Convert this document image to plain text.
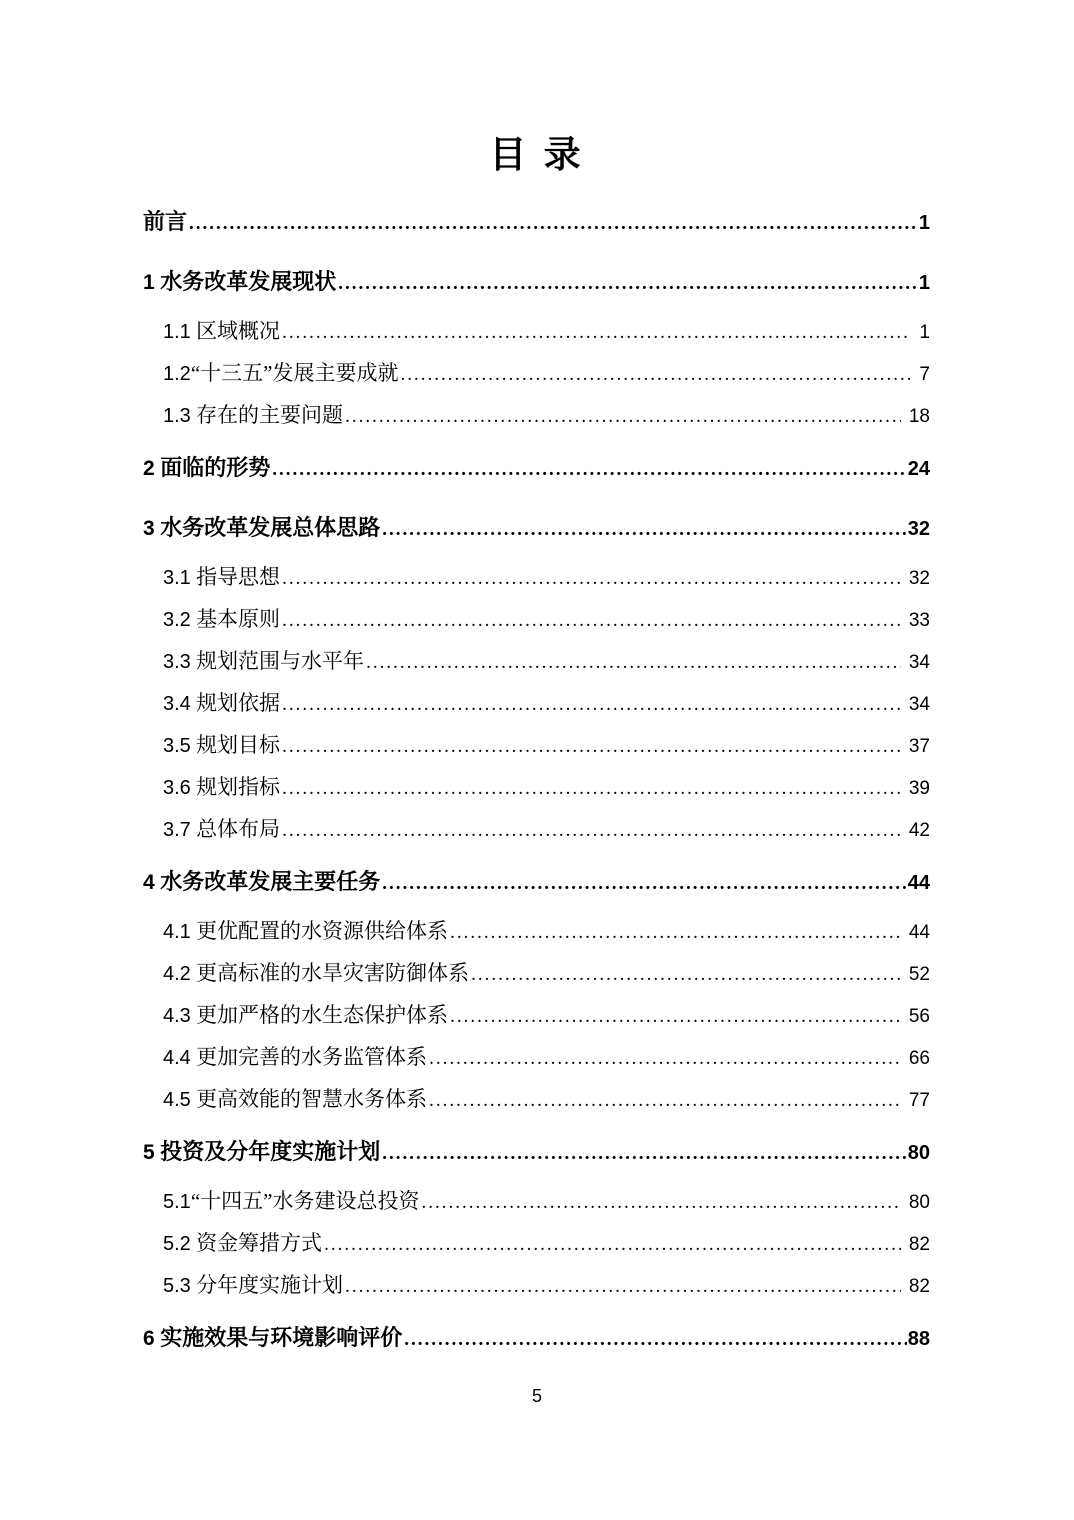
目 录
前言 .....	1
1 水务改革发展现状 .....	1
1.1 区域概况 .....	1
1.2“十三五”发展主要成就 .....	7
1.3 存在的主要问题 .....	18
2 面临的形势 .....	24
3 水务改革发展总体思路 .....	32
3.1 指导思想 .....	32
3.2 基本原则 .....	33
3.3 规划范围与水平年 .....	34
3.4 规划依据 .....	34
3.5 规划目标 .....	37
3.6 规划指标 .....	39
3.7 总体布局 .....	42
4 水务改革发展主要任务 .....	44
4.1 更优配置的水资源供给体系 .....	44
4.2 更高标准的水旱灾害防御体系 .....	52
4.3 更加严格的水生态保护体系 .....	56
4.4 更加完善的水务监管体系 .....	66
4.5 更高效能的智慧水务体系 .....	77
5 投资及分年度实施计划 .....	80
5.1“十四五”水务建设总投资 .....	80
5.2 资金筹措方式 .....	82
5.3 分年度实施计划 .....	82
6 实施效果与环境影响评价 .....	88
5
